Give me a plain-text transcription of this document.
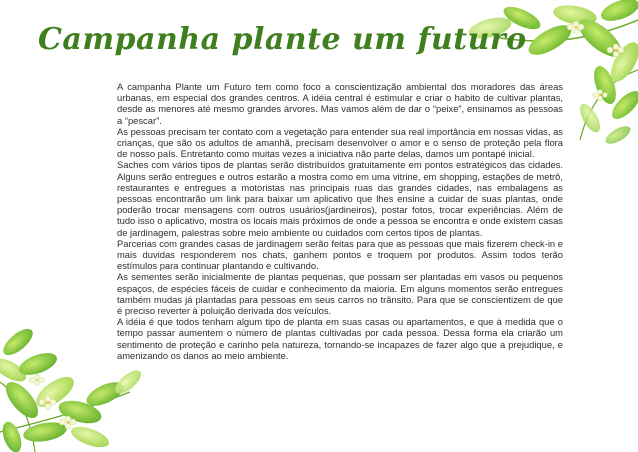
Campanha plante um futuro

A campanha Plante um Futuro tem como foco a conscientização ambiental dos moradores das áreas urbanas, em especial dos grandes centros. A idéia central é estimular e criar o habito de cultivar plantas, desde as menores até mesmo grandes árvores. Mas vamos além de dar o “peixe”, ensinamos as pessoas a “pescar”.

As pessoas precisam ter contato com a vegetação para entender sua real importância em nossas vidas, as crianças, que são os adultos de amanhã, precisam desenvolver o amor e o senso de proteção pela flora de nosso país. Entretanto como muitas vezes a iniciativa não parte delas, damos um pontapé inicial.

Saches com vários tipos de plantas serão distribuídos gratuitamente em pontos estratégicos das cidades. Alguns serão entregues e outros estarão a mostra como em uma vitrine, em shopping, estações de metrô, restaurantes e entregues a motoristas nas principais ruas das grandes cidades, nas embalagens as pessoas encontrarão um link para baixar um aplicativo que lhes ensine a cuidar de suas plantas, onde poderão trocar mensagens com outros usuários(jardineiros), postar fotos, trocar experiências. Além de tudo isso o aplicativo, mostra os locais mais próximos de onde a pessoa se encontra e onde existem casas de jardinagem, palestras sobre meio ambiente ou cuidados com certos tipos de plantas.

Parcerias com grandes casas de jardinagem serão feitas para que as pessoas que mais fizerem check-in e mais duvidas responderem nos chats, ganhem pontos e troquem por produtos. Assim todos terão estímulos para continuar plantando e cultivando.

As sementes serão inicialmente de plantas pequenas, que possam ser plantadas em vasos ou pequenos espaços, de espécies fáceis de cuidar e conhecimento da maioria. Em alguns momentos serão entregues também mudas já plantadas para pessoas em seus carros no trânsito. Para que se conscientizem de que é preciso reverter à poluição derivada dos veículos.

A idéia é que todos tenham algum tipo de planta em suas casas ou apartamentos, e que à medida que o tempo passar aumentem o número de plantas cultivadas por cada pessoa. Dessa forma ela criarão um sentimento de proteção e carinho pela natureza, tornando-se incapazes de fazer algo que a prejudique, e amenizando os danos ao meio ambiente.
